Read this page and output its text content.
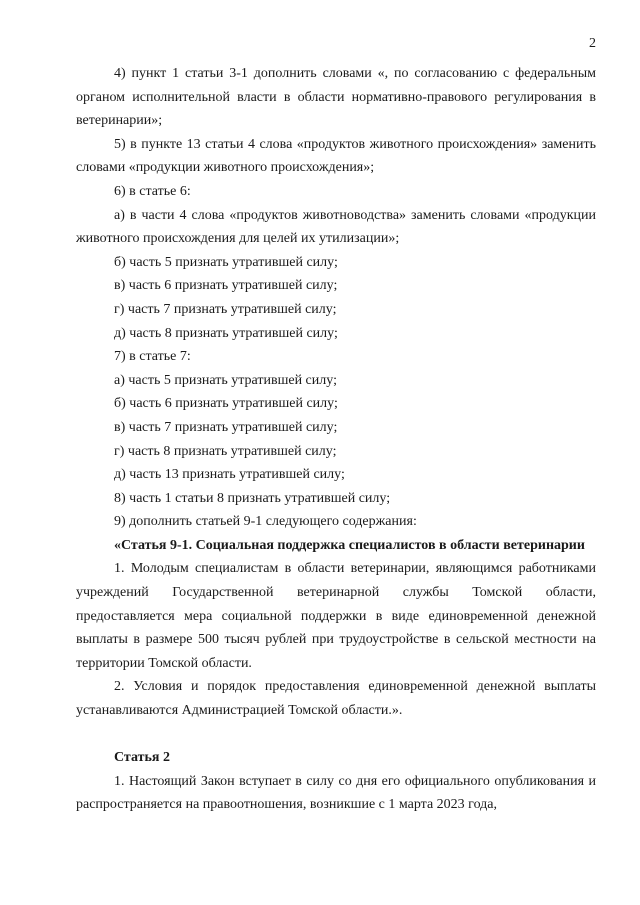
2

4) пункт 1 статьи 3-1 дополнить словами «, по согласованию с федеральным органом исполнительной власти в области нормативно-правового регулирования в ветеринарии»;

5) в пункте 13 статьи 4 слова «продуктов животного происхождения» заменить словами «продукции животного происхождения»;

6) в статье 6:

а) в части 4 слова «продуктов животноводства» заменить словами «продукции животного происхождения для целей их утилизации»;

б) часть 5 признать утратившей силу;

в) часть 6 признать утратившей силу;

г) часть 7 признать утратившей силу;

д) часть 8 признать утратившей силу;

7) в статье 7:

а) часть 5 признать утратившей силу;

б) часть 6 признать утратившей силу;

в) часть 7 признать утратившей силу;

г) часть 8 признать утратившей силу;

д) часть 13 признать утратившей силу;

8) часть 1 статьи 8 признать утратившей силу;

9) дополнить статьей 9-1 следующего содержания:

«Статья 9-1. Социальная поддержка специалистов в области ветеринарии

1. Молодым специалистам в области ветеринарии, являющимся работниками учреждений Государственной ветеринарной службы Томской области, предоставляется мера социальной поддержки в виде единовременной денежной выплаты в размере 500 тысяч рублей при трудоустройстве в сельской местности на территории Томской области.

2. Условия и порядок предоставления единовременной денежной выплаты устанавливаются Администрацией Томской области.».

Статья 2

1. Настоящий Закон вступает в силу со дня его официального опубликования и распространяется на правоотношения, возникшие с 1 марта 2023 года,
